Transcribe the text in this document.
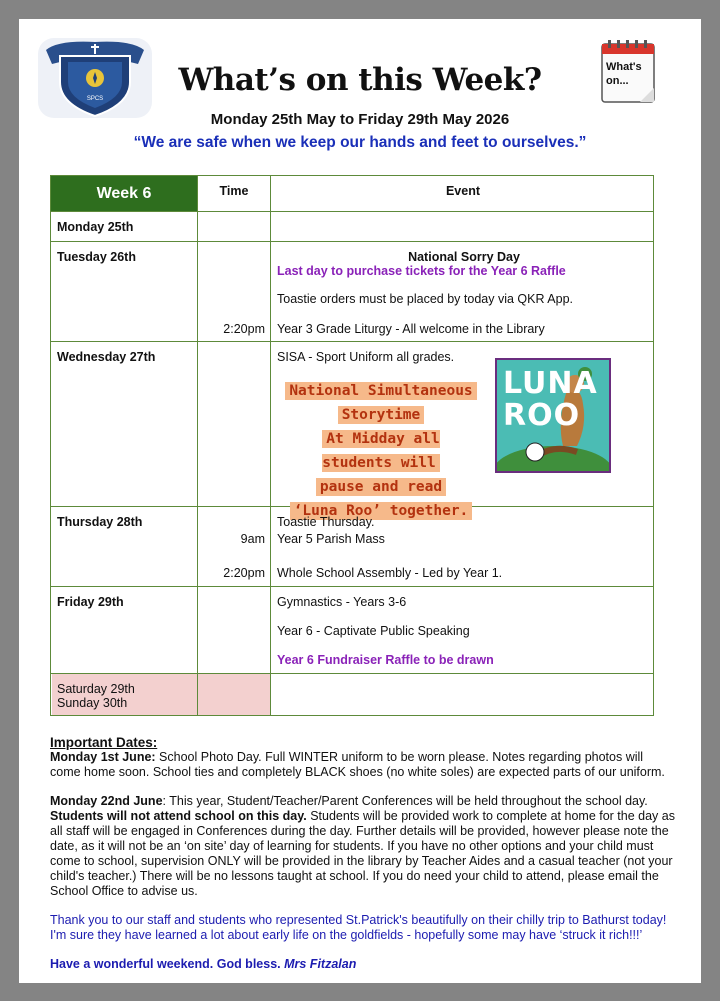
SPCS
What's on...
What’s on this Week?
Monday 25th May to Friday 29th May 2026
“We are safe when we keep our hands and feet to ourselves.”
Week 6	Time	Event
Monday 25th
Tuesday 26th	National Sorry Day
Last day to purchase tickets for the Year 6 Raffle
Toastie orders must be placed by today via QKR App.
2:20pm Year 3 Grade Liturgy - All welcome in the Library
Wednesday 27th	SISA - Sport Uniform all grades.
National Simultaneous
Storytime
At Midday all students will
pause and read
‘Luna Roo’ together.
LUNA
ROO
Thursday 28th	Toastie Thursday.
9am Year 5 Parish Mass
2:20pm Whole School Assembly - Led by Year 1.
Friday 29th	Gymnastics - Years 3-6
Year 6 - Captivate Public Speaking
Year 6 Fundraiser Raffle to be drawn
Saturday 29th
Sunday 30th
Important Dates:

Monday 1st June: School Photo Day. Full WINTER uniform to be worn please. Notes regarding photos will come home soon. School ties and completely BLACK shoes (no white soles) are expected parts of our uniform.

Monday 22nd June: This year, Student/Teacher/Parent Conferences will be held throughout the school day. Students will not attend school on this day. Students will be provided work to complete at home for the day as all staff will be engaged in Conferences during the day. Further details will be provided, however please note the date, as it will not be an ‘on site’ day of learning for students. If you have no other options and your child must come to school, supervision ONLY will be provided in the library by Teacher Aides and a casual teacher (not your child's teacher.) There will be no lessons taught at school. If you do need your child to attend, please email the School Office to advise us.

Thank you to our staff and students who represented St.Patrick's beautifully on their chilly trip to Bathurst today! I'm sure they have learned a lot about early life on the goldfields - hopefully some may have ‘struck it rich!!!’

Have a wonderful weekend. God bless. Mrs Fitzalan
